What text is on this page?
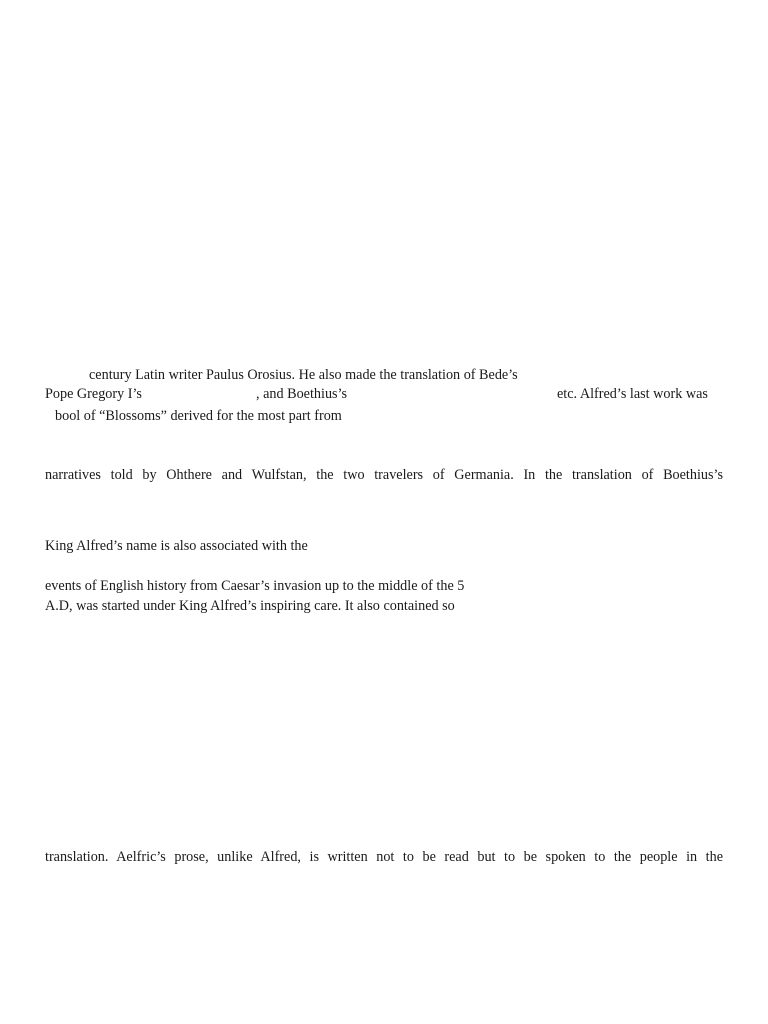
century Latin writer Paulus Orosius. He also made the translation of Bede’s

Pope Gregory I’s	, and Boethius’s	etc. Alfred’s last work was

bool of “Blossoms” derived for the most part from

narratives told by Ohthere and Wulfstan, the two travelers of Germania. In the translation of Boethius’s

King Alfred’s name is also associated with the

events of English history from Caesar’s invasion up to the middle of the 5

A.D, was started under King Alfred’s inspiring care. It also contained so

translation. Aelfric’s prose, unlike Alfred, is written not to be read but to be spoken to the people in the
